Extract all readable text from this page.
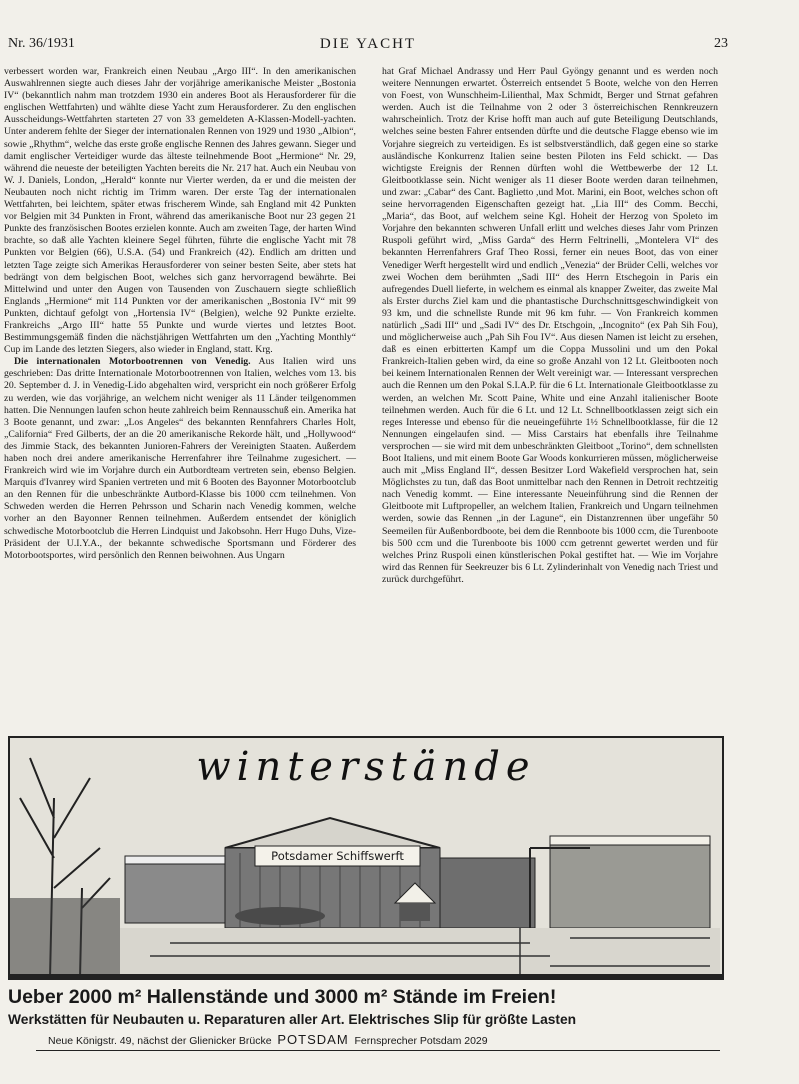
Nr. 36/1931	DIE YACHT	23

verbessert worden war, Frankreich einen Neubau „Argo III“. In den amerikanischen Auswahlrennen siegte auch dieses Jahr der vorjährige amerikanische Meister „Bostonia IV“ (bekanntlich nahm man trotzdem 1930 ein anderes Boot als Herausforderer für die englischen Wettfahrten) und wählte diese Yacht zum Herausforderer. Zu den englischen Ausscheidungs-Wettfahrten starteten 27 von 33 gemeldeten A-Klassen-Modell-yachten. Unter anderem fehlte der Sieger der internationalen Rennen von 1929 und 1930 „Albion“, sowie „Rhythm“, welche das erste große englische Rennen des Jahres gewann. Sieger und damit englischer Verteidiger wurde das älteste teilnehmende Boot „Hermione“ Nr. 29, während die neueste der beteiligten Yachten bereits die Nr. 217 hat. Auch ein Neubau von W. J. Daniels, London, „Herald“ konnte nur Vierter werden, da er und die meisten der Neubauten noch nicht richtig im Trimm waren. Der erste Tag der internationalen Wettfahrten, bei leichtem, später etwas frischerem Winde, sah England mit 42 Punkten vor Belgien mit 34 Punkten in Front, während das amerikanische Boot nur 23 gegen 21 Punkte des französischen Bootes erzielen konnte. Auch am zweiten Tage, der harten Wind brachte, so daß alle Yachten kleinere Segel führten, führte die englische Yacht mit 78 Punkten vor Belgien (66), U.S.A. (54) und Frankreich (42). Endlich am dritten und letzten Tage zeigte sich Amerikas Herausforderer von seiner besten Seite, aber stets hat bedrängt von dem belgischen Boot, welches sich ganz hervorragend bewährte. Bei Mittelwind und unter den Augen von Tausenden von Zuschauern siegte schließlich Englands „Hermione“ mit 114 Punkten vor der amerikanischen „Bostonia IV“ mit 99 Punkten, dichtauf gefolgt von „Hortensia IV“ (Belgien), welche 92 Punkte erzielte. Frankreichs „Argo III“ hatte 55 Punkte und wurde viertes und letztes Boot. Bestimmungsgemäß finden die nächstjährigen Wettfahrten um den „Yachting Monthly“ Cup im Lande des letzten Siegers, also wieder in England, statt. Krg.

Die internationalen Motorbootrennen von Venedig. Aus Italien wird uns geschrieben: Das dritte Internationale Motorbootrennen von Italien, welches vom 13. bis 20. September d. J. in Venedig-Lido abgehalten wird, verspricht ein noch größerer Erfolg zu werden, wie das vorjährige, an welchem nicht weniger als 11 Länder teilgenommen hatten. Die Nennungen laufen schon heute zahlreich beim Rennausschuß ein. Amerika hat 3 Boote genannt, und zwar: „Los Angeles“ des bekannten Rennfahrers Charles Holt, „California“ Fred Gilberts, der an die 20 amerikanische Rekorde hält, und „Hollywood“ des Jimmie Stack, des bekannten Junioren-Fahrers der Vereinigten Staaten. Außerdem haben noch drei andere amerikanische Herrenfahrer ihre Teilnahme zugesichert. — Frankreich wird wie im Vorjahre durch ein Autbordteam vertreten sein, ebenso Belgien. Marquis d'Ivanrey wird Spanien vertreten und mit 6 Booten des Bayonner Motorbootclub an den Rennen für die unbeschränkte Autbord-Klasse bis 1000 ccm teilnehmen. Von Schweden werden die Herren Pehrsson und Scharin nach Venedig kommen, welche vorher an den Bayonner Rennen teilnehmen. Außerdem entsendet der königlich schwedische Motorbootclub die Herren Lindquist und Jakobsohn. Herr Hugo Duhs, Vize-Präsident der U.I.Y.A., der bekannte schwedische Sportsmann und Förderer des Motorbootsportes, wird persönlich den Rennen beiwohnen. Aus Ungarn

hat Graf Michael Andrassy und Herr Paul Gyöngy genannt und es werden noch weitere Nennungen erwartet. Österreich entsendet 5 Boote, welche von den Herren von Foest, von Wunschheim-Lilienthal, Max Schmidt, Berger und Strnat gefahren werden. Auch ist die Teilnahme von 2 oder 3 österreichischen Rennkreuzern wahrscheinlich. Trotz der Krise hofft man auch auf gute Beteiligung Deutschlands, welches seine besten Fahrer entsenden dürfte und die deutsche Flagge ebenso wie im Vorjahre siegreich zu verteidigen. Es ist selbstverständlich, daß gegen eine so starke ausländische Konkurrenz Italien seine besten Piloten ins Feld schickt. — Das wichtigste Ereignis der Rennen dürften wohl die Wettbewerbe der 12 Lt. Gleitbootklasse sein. Nicht weniger als 11 dieser Boote werden daran teilnehmen, und zwar: „Cabar“ des Cant. Baglietto ,und Mot. Marini, ein Boot, welches schon oft seine hervorragenden Eigenschaften gezeigt hat. „Lia III“ des Comm. Becchi, „Maria“, das Boot, auf welchem seine Kgl. Hoheit der Herzog von Spoleto im Vorjahre den bekannten schweren Unfall erlitt und welches dieses Jahr vom Prinzen Ruspoli geführt wird, „Miss Garda“ des Herrn Feltrinelli, „Montelera VI“ des bekannten Herrenfahrers Graf Theo Rossi, ferner ein neues Boot, das von einer Venediger Werft hergestellt wird und endlich „Venezia“ der Brüder Celli, welches vor zwei Wochen dem berühmten „Sadi III“ des Herrn Etschegoin in Paris ein aufregendes Duell lieferte, in welchem es einmal als knapper Zweiter, das zweite Mal als Erster durchs Ziel kam und die phantastische Durchschnittsgeschwindigkeit von 93 km, und die schnellste Runde mit 96 km fuhr. — Von Frankreich kommen natürlich „Sadi III“ und „Sadi IV“ des Dr. Etschgoin, „Incognito“ (ex Pah Sih Fou), und möglicherweise auch „Pah Sih Fou IV“. Aus diesen Namen ist leicht zu ersehen, daß es einen erbitterten Kampf um die Coppa Mussolini und um den Pokal Frankreich-Italien geben wird, da eine so große Anzahl von 12 Lt. Gleitbooten noch bei keinem Internationalen Rennen der Welt vereinigt war. — Interessant versprechen auch die Rennen um den Pokal S.I.A.P. für die 6 Lt. Internationale Gleitbootklasse zu werden, an welchen Mr. Scott Paine, White und eine Anzahl italienischer Boote teilnehmen werden. Auch für die 6 Lt. und 12 Lt. Schnellbootklassen zeigt sich ein reges Interesse und ebenso für die neueingeführte 1½ Schnellbootklasse, für die 12 Nennungen eingelaufen sind. — Miss Carstairs hat ebenfalls ihre Teilnahme versprochen — sie wird mit dem unbeschränkten Gleitboot „Torino“, dem schnellsten Boot Italiens, und mit einem Boote Gar Woods konkurrieren müssen, möglicherweise auch mit „Miss England II“, dessen Besitzer Lord Wakefield versprochen hat, sein Möglichstes zu tun, daß das Boot unmittelbar nach den Rennen in Detroit rechtzeitig nach Venedig kommt. — Eine interessante Neueinführung sind die Rennen der Gleitboote mit Luftpropeller, an welchem Italien, Frankreich und Ungarn teilnehmen werden, sowie das Rennen „in der Lagune“, ein Distanzrennen über ungefähr 50 Seemeilen für Außenbordboote, bei dem die Rennboote bis 1000 ccm, die Turenboote bis 500 ccm und die Turenboote bis 1000 ccm getrennt gewertet werden und für welches Prinz Ruspoli einen künstlerischen Pokal gestiftet hat. — Wie im Vorjahre wird das Rennen für Seekreuzer bis 6 Lt. Zylinderinhalt von Venedig nach Triest und zurück durchgeführt.

winterstände
Potsdamer Schiffswerft
Ueber 2000 m² Hallenstände und 3000 m² Stände im Freien!
Werkstätten für Neubauten u. Reparaturen aller Art. Elektrisches Slip für größte Lasten
Neue Königstr. 49, nächst der Glienicker Brücke POTSDAM Fernsprecher Potsdam 2029
